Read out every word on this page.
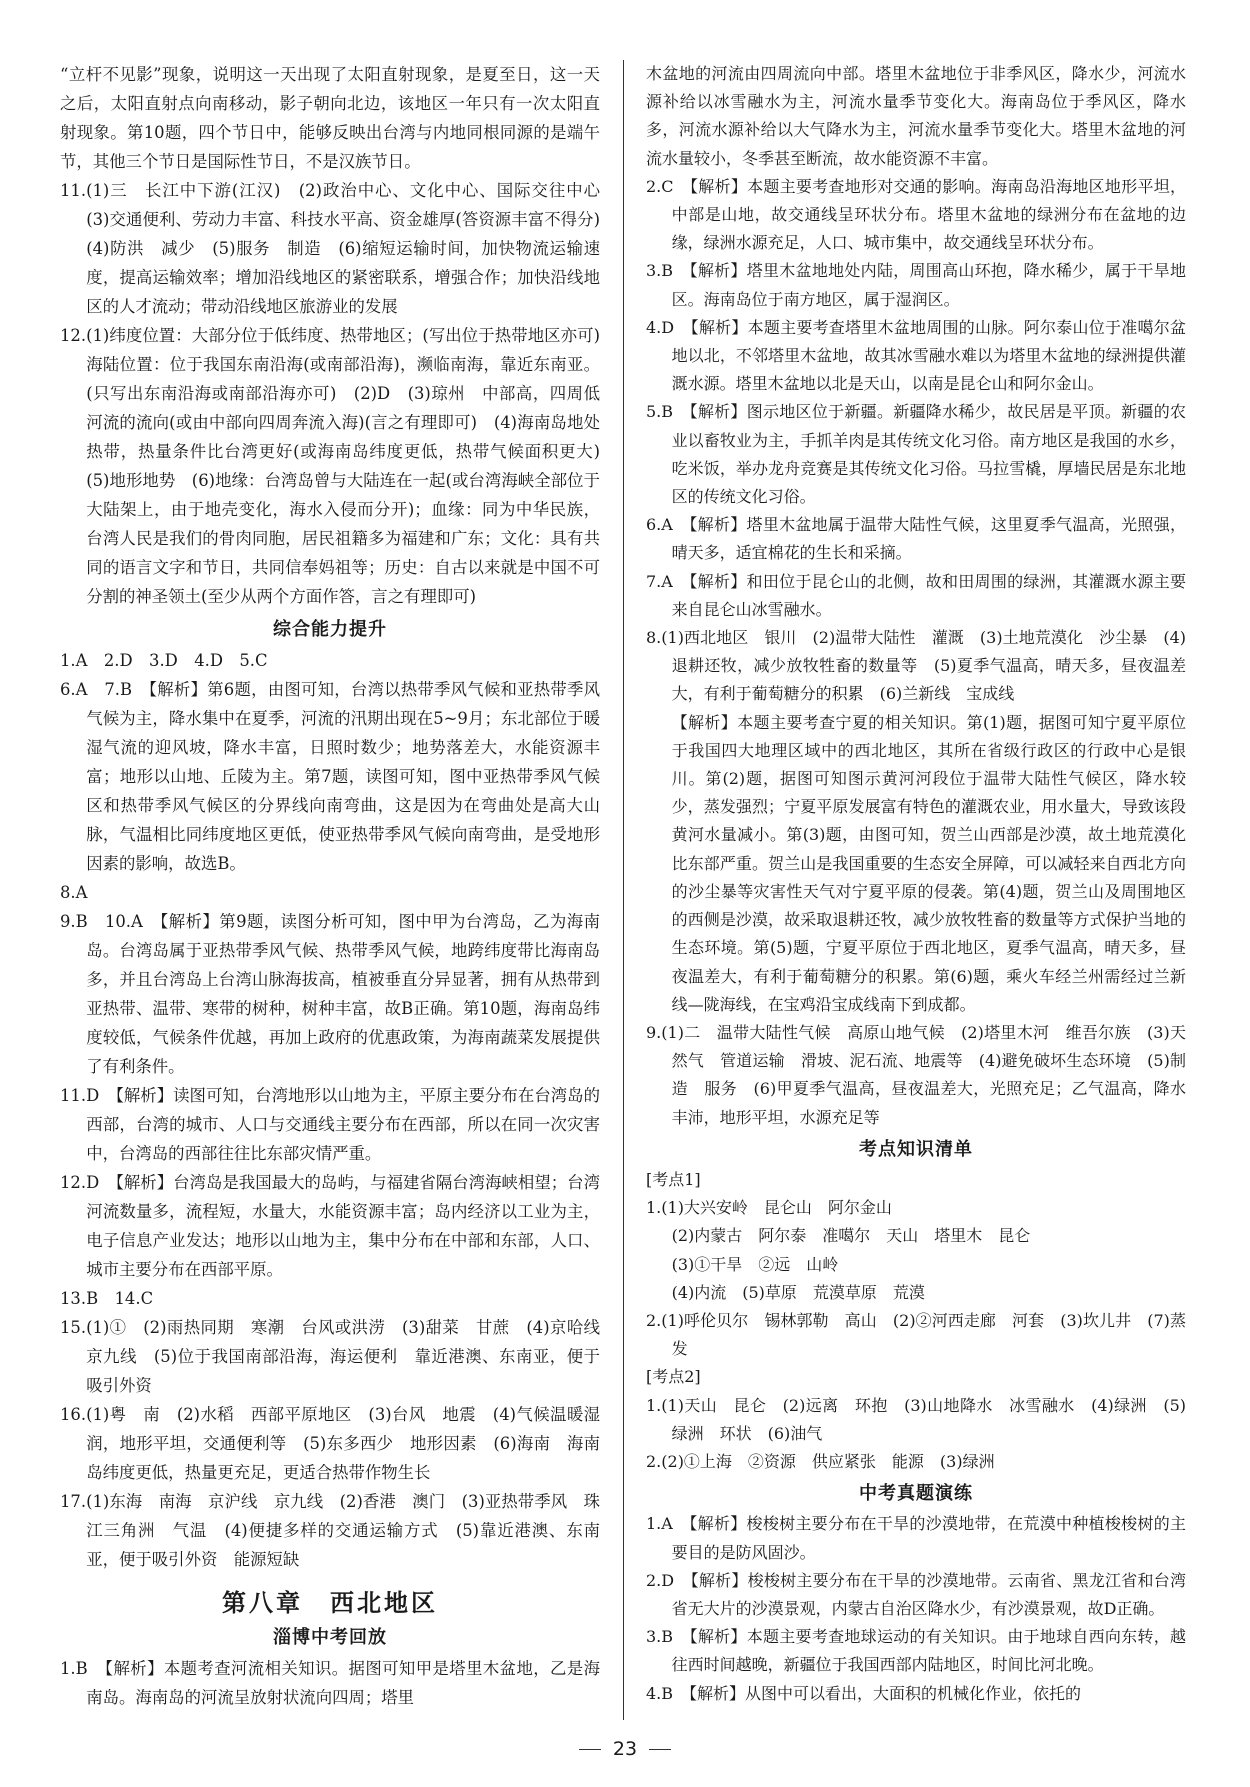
“立杆不见影”现象，说明这一天出现了太阳直射现象，是夏至日，这一天之后，太阳直射点向南移动，影子朝向北边，该地区一年只有一次太阳直射现象。第10题，四个节日中，能够反映出台湾与内地同根同源的是端午节，其他三个节日是国际性节日，不是汉族节日。
11.(1)三　长江中下游(江汉)　(2)政治中心、文化中心、国际交往中心　(3)交通便利、劳动力丰富、科技水平高、资金雄厚(答资源丰富不得分)　(4)防洪　减少　(5)服务　制造　(6)缩短运输时间，加快物流运输速度，提高运输效率；增加沿线地区的紧密联系，增强合作；加快沿线地区的人才流动；带动沿线地区旅游业的发展
12.(1)纬度位置：大部分位于低纬度、热带地区；(写出位于热带地区亦可)海陆位置：位于我国东南沿海(或南部沿海)，濒临南海，靠近东南亚。(只写出东南沿海或南部沿海亦可)　(2)D　(3)琼州　中部高，四周低　河流的流向(或由中部向四周奔流入海)(言之有理即可)　(4)海南岛地处热带，热量条件比台湾更好(或海南岛纬度更低，热带气候面积更大)　(5)地形地势　(6)地缘：台湾岛曾与大陆连在一起(或台湾海峡全部位于大陆架上，由于地壳变化，海水入侵而分开)；血缘：同为中华民族，台湾人民是我们的骨肉同胞，居民祖籍多为福建和广东；文化：具有共同的语言文字和节日，共同信奉妈祖等；历史：自古以来就是中国不可分割的神圣领土(至少从两个方面作答，言之有理即可)
综合能力提升
1.A　2.D　3.D　4.D　5.C
6.A　7.B　【解析】第6题，由图可知，台湾以热带季风气候和亚热带季风气候为主，降水集中在夏季，河流的汛期出现在5~9月；东北部位于暖湿气流的迎风坡，降水丰富，日照时数少；地势落差大，水能资源丰富；地形以山地、丘陵为主。第7题，读图可知，图中亚热带季风气候区和热带季风气候区的分界线向南弯曲，这是因为在弯曲处是高大山脉，气温相比同纬度地区更低，使亚热带季风气候向南弯曲，是受地形因素的影响，故选B。
8.A
9.B　10.A　【解析】第9题，读图分析可知，图中甲为台湾岛，乙为海南岛。台湾岛属于亚热带季风气候、热带季风气候，地跨纬度带比海南岛多，并且台湾岛上台湾山脉海拔高，植被垂直分异显著，拥有从热带到亚热带、温带、寒带的树种，树种丰富，故B正确。第10题，海南岛纬度较低，气候条件优越，再加上政府的优惠政策，为海南蔬菜发展提供了有利条件。
11.D　【解析】读图可知，台湾地形以山地为主，平原主要分布在台湾岛的西部，台湾的城市、人口与交通线主要分布在西部，所以在同一次灾害中，台湾岛的西部往往比东部灾情严重。
12.D　【解析】台湾岛是我国最大的岛屿，与福建省隔台湾海峡相望；台湾河流数量多，流程短，水量大，水能资源丰富；岛内经济以工业为主，电子信息产业发达；地形以山地为主，集中分布在中部和东部，人口、城市主要分布在西部平原。
13.B　14.C
15.(1)①　(2)雨热同期　寒潮　台风或洪涝　(3)甜菜　甘蔗　(4)京哈线　京九线　(5)位于我国南部沿海，海运便利　靠近港澳、东南亚，便于吸引外资
16.(1)粤　南　(2)水稻　西部平原地区　(3)台风　地震　(4)气候温暖湿润，地形平坦，交通便利等　(5)东多西少　地形因素　(6)海南　海南岛纬度更低，热量更充足，更适合热带作物生长
17.(1)东海　南海　京沪线　京九线　(2)香港　澳门　(3)亚热带季风　珠江三角洲　气温　(4)便捷多样的交通运输方式　(5)靠近港澳、东南亚，便于吸引外资　能源短缺
第八章　西北地区
淄博中考回放
1.B　【解析】本题考查河流相关知识。据图可知甲是塔里木盆地，乙是海南岛。海南岛的河流呈放射状流向四周；塔里
木盆地的河流由四周流向中部。塔里木盆地位于非季风区，降水少，河流水源补给以冰雪融水为主，河流水量季节变化大。海南岛位于季风区，降水多，河流水源补给以大气降水为主，河流水量季节变化大。塔里木盆地的河流水量较小，冬季甚至断流，故水能资源不丰富。
2.C　【解析】本题主要考查地形对交通的影响。海南岛沿海地区地形平坦，中部是山地，故交通线呈环状分布。塔里木盆地的绿洲分布在盆地的边缘，绿洲水源充足，人口、城市集中，故交通线呈环状分布。
3.B　【解析】塔里木盆地地处内陆，周围高山环抱，降水稀少，属于干旱地区。海南岛位于南方地区，属于湿润区。
4.D　【解析】本题主要考查塔里木盆地周围的山脉。阿尔泰山位于准噶尔盆地以北，不邻塔里木盆地，故其冰雪融水难以为塔里木盆地的绿洲提供灌溉水源。塔里木盆地以北是天山，以南是昆仑山和阿尔金山。
5.B　【解析】图示地区位于新疆。新疆降水稀少，故民居是平顶。新疆的农业以畜牧业为主，手抓羊肉是其传统文化习俗。南方地区是我国的水乡，吃米饭，举办龙舟竞赛是其传统文化习俗。马拉雪橇，厚墙民居是东北地区的传统文化习俗。
6.A　【解析】塔里木盆地属于温带大陆性气候，这里夏季气温高，光照强，晴天多，适宜棉花的生长和采摘。
7.A　【解析】和田位于昆仑山的北侧，故和田周围的绿洲，其灌溉水源主要来自昆仑山冰雪融水。
8.(1)西北地区　银川　(2)温带大陆性　灌溉　(3)土地荒漠化　沙尘暴　(4)退耕还牧，减少放牧牲畜的数量等　(5)夏季气温高，晴天多，昼夜温差大，有利于葡萄糖分的积累　(6)兰新线　宝成线
【解析】本题主要考查宁夏的相关知识。第(1)题，据图可知宁夏平原位于我国四大地理区域中的西北地区，其所在省级行政区的行政中心是银川。第(2)题，据图可知图示黄河河段位于温带大陆性气候区，降水较少，蒸发强烈；宁夏平原发展富有特色的灌溉农业，用水量大，导致该段黄河水量减小。第(3)题，由图可知，贺兰山西部是沙漠，故土地荒漠化比东部严重。贺兰山是我国重要的生态安全屏障，可以减轻来自西北方向的沙尘暴等灾害性天气对宁夏平原的侵袭。第(4)题，贺兰山及周围地区的西侧是沙漠，故采取退耕还牧，减少放牧牲畜的数量等方式保护当地的生态环境。第(5)题，宁夏平原位于西北地区，夏季气温高，晴天多，昼夜温差大，有利于葡萄糖分的积累。第(6)题，乘火车经兰州需经过兰新线—陇海线，在宝鸡沿宝成线南下到成都。
9.(1)二　温带大陆性气候　高原山地气候　(2)塔里木河　维吾尔族　(3)天然气　管道运输　滑坡、泥石流、地震等　(4)避免破坏生态环境　(5)制造　服务　(6)甲夏季气温高，昼夜温差大，光照充足；乙气温高，降水丰沛，地形平坦，水源充足等
考点知识清单
[考点1]
1.(1)大兴安岭　昆仑山　阿尔金山
(2)内蒙古　阿尔泰　准噶尔　天山　塔里木　昆仑
(3)①干旱　②远　山岭
(4)内流　(5)草原　荒漠草原　荒漠
2.(1)呼伦贝尔　锡林郭勒　高山　(2)②河西走廊　河套　(3)坎儿井　(7)蒸发
[考点2]
1.(1)天山　昆仑　(2)远离　环抱　(3)山地降水　冰雪融水　(4)绿洲　(5)绿洲　环状　(6)油气
2.(2)①上海　②资源　供应紧张　能源　(3)绿洲
中考真题演练
1.A　【解析】梭梭树主要分布在干旱的沙漠地带，在荒漠中种植梭梭树的主要目的是防风固沙。
2.D　【解析】梭梭树主要分布在干旱的沙漠地带。云南省、黑龙江省和台湾省无大片的沙漠景观，内蒙古自治区降水少，有沙漠景观，故D正确。
3.B　【解析】本题主要考查地球运动的有关知识。由于地球自西向东转，越往西时间越晚，新疆位于我国西部内陆地区，时间比河北晚。
4.B　【解析】从图中可以看出，大面积的机械化作业，依托的
23
